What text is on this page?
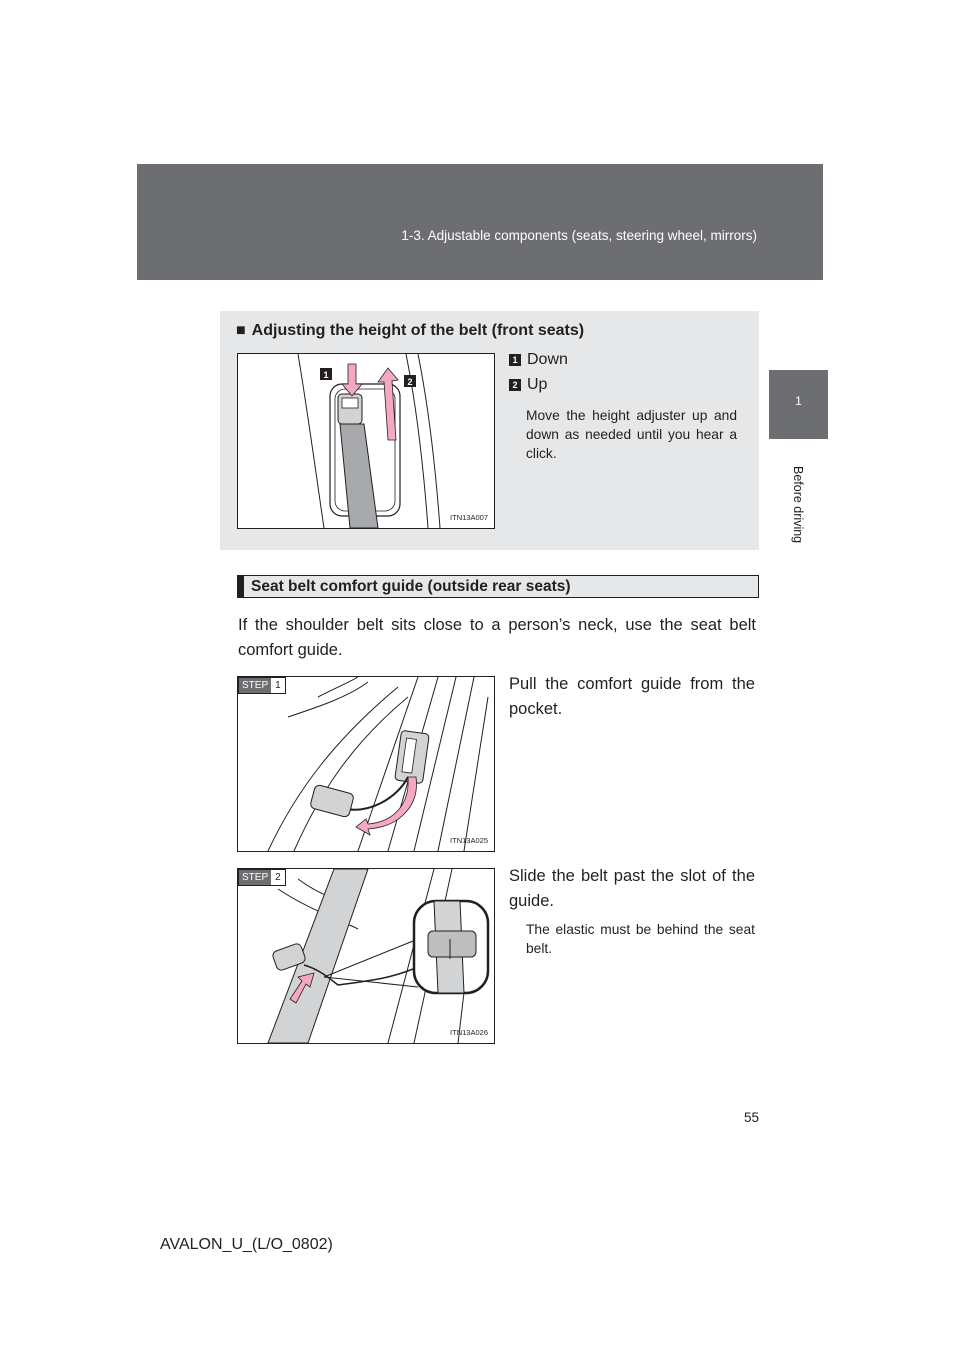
1-3. Adjustable components (seats, steering wheel, mirrors)
1
Before driving
■ Adjusting the height of the belt (front seats)
1
2
ITN13A007
1 Down
2 Up
Move the height adjuster up and down as needed until you hear a click.
Seat belt comfort guide (outside rear seats)
If the shoulder belt sits close to a person’s neck, use the seat belt comfort guide.
STEP 1
ITN13A025
Pull the comfort guide from the pocket.
STEP 2
ITN13A026
Slide the belt past the slot of the guide.
The elastic must be behind the seat belt.
55
AVALON_U_(L/O_0802)
